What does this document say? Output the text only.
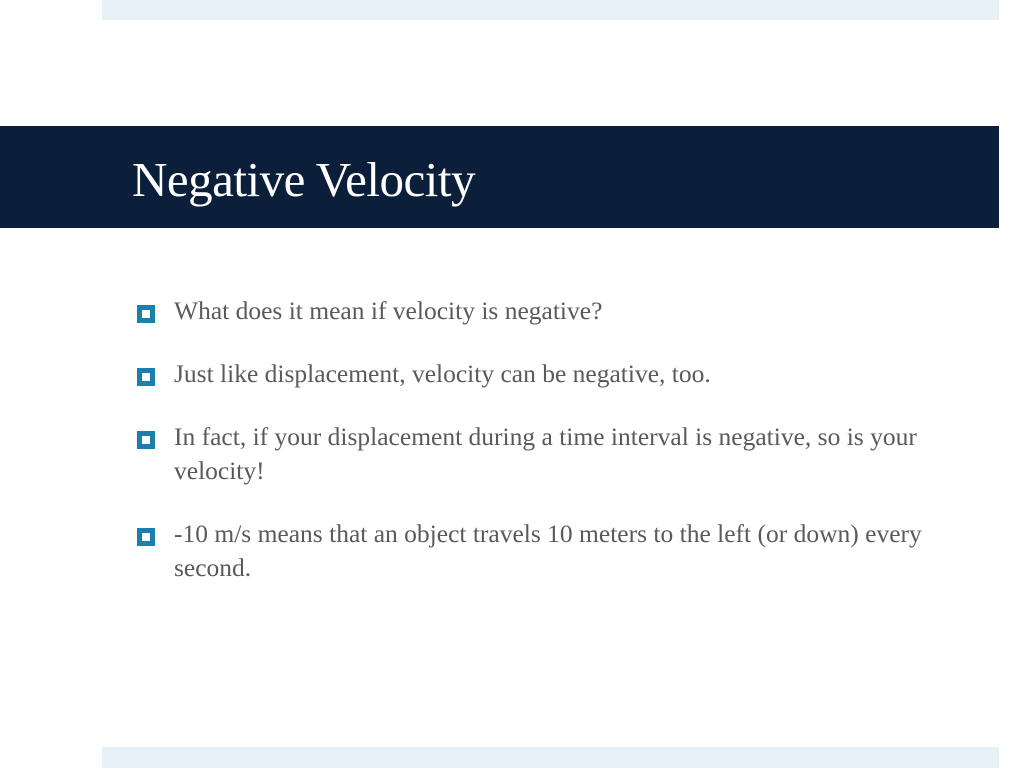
Negative Velocity
What does it mean if velocity is negative?
Just like displacement, velocity can be negative, too.
In fact, if your displacement during a time interval is negative, so is your velocity!
-10 m/s means that an object travels 10 meters to the left (or down) every second.
